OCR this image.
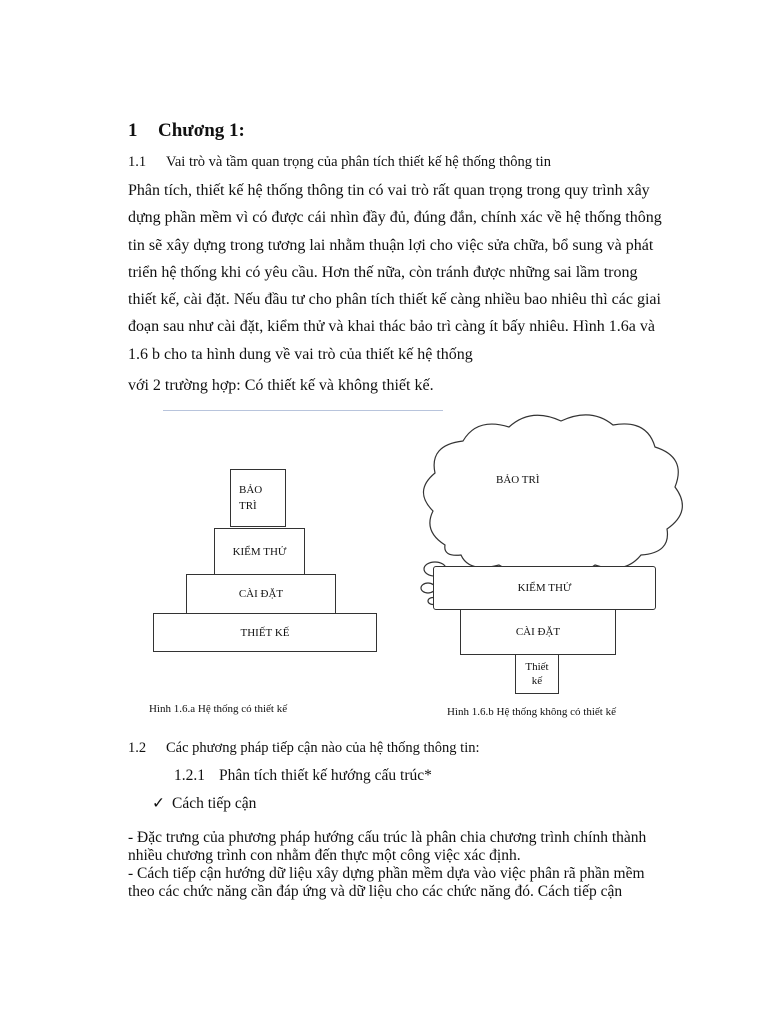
1 Chương 1:
1.1 Vai trò và tầm quan trọng của phân tích thiết kế hệ thống thông tin
Phân tích, thiết kế hệ thống thông tin có vai trò rất quan trọng trong quy trình xây
dựng phần mềm vì có được cái nhìn đầy đủ, đúng đắn, chính xác về hệ thống thông
tin sẽ xây dựng trong tương lai nhằm thuận lợi cho việc sửa chữa, bổ sung và phát
triển hệ thống khi có yêu cầu. Hơn thế nữa, còn tránh được những sai lầm trong
thiết kế, cài đặt. Nếu đầu tư cho phân tích thiết kế càng nhiều bao nhiêu thì các giai
đoạn sau như cài đặt, kiểm thử và khai thác bảo trì càng ít bấy nhiêu. Hình 1.6a và
1.6 b cho ta hình dung về vai trò của thiết kế hệ thống
với 2 trường hợp: Có thiết kế và không thiết kế.
BẢO
TRÌ
KIỂM THỬ
CÀI ĐẶT
THIẾT KẾ
Hình 1.6.a Hệ thống có thiết kế
BẢO TRÌ
KIỂM THỬ
CÀI ĐẶT
Thiết
kế
Hình 1.6.b Hệ thống không có thiết kế
1.2 Các phương pháp tiếp cận nào của hệ thống thông tin:
1.2.1 Phân tích thiết kế hướng cấu trúc*
✓ Cách tiếp cận
- Đặc trưng của phương pháp hướng cấu trúc là phân chia chương trình chính thành
nhiều chương trình con nhằm đến thực một công việc xác định.
- Cách tiếp cận hướng dữ liệu xây dựng phần mềm dựa vào việc phân rã phần mềm
theo các chức năng cần đáp ứng và dữ liệu cho các chức năng đó. Cách tiếp cận
